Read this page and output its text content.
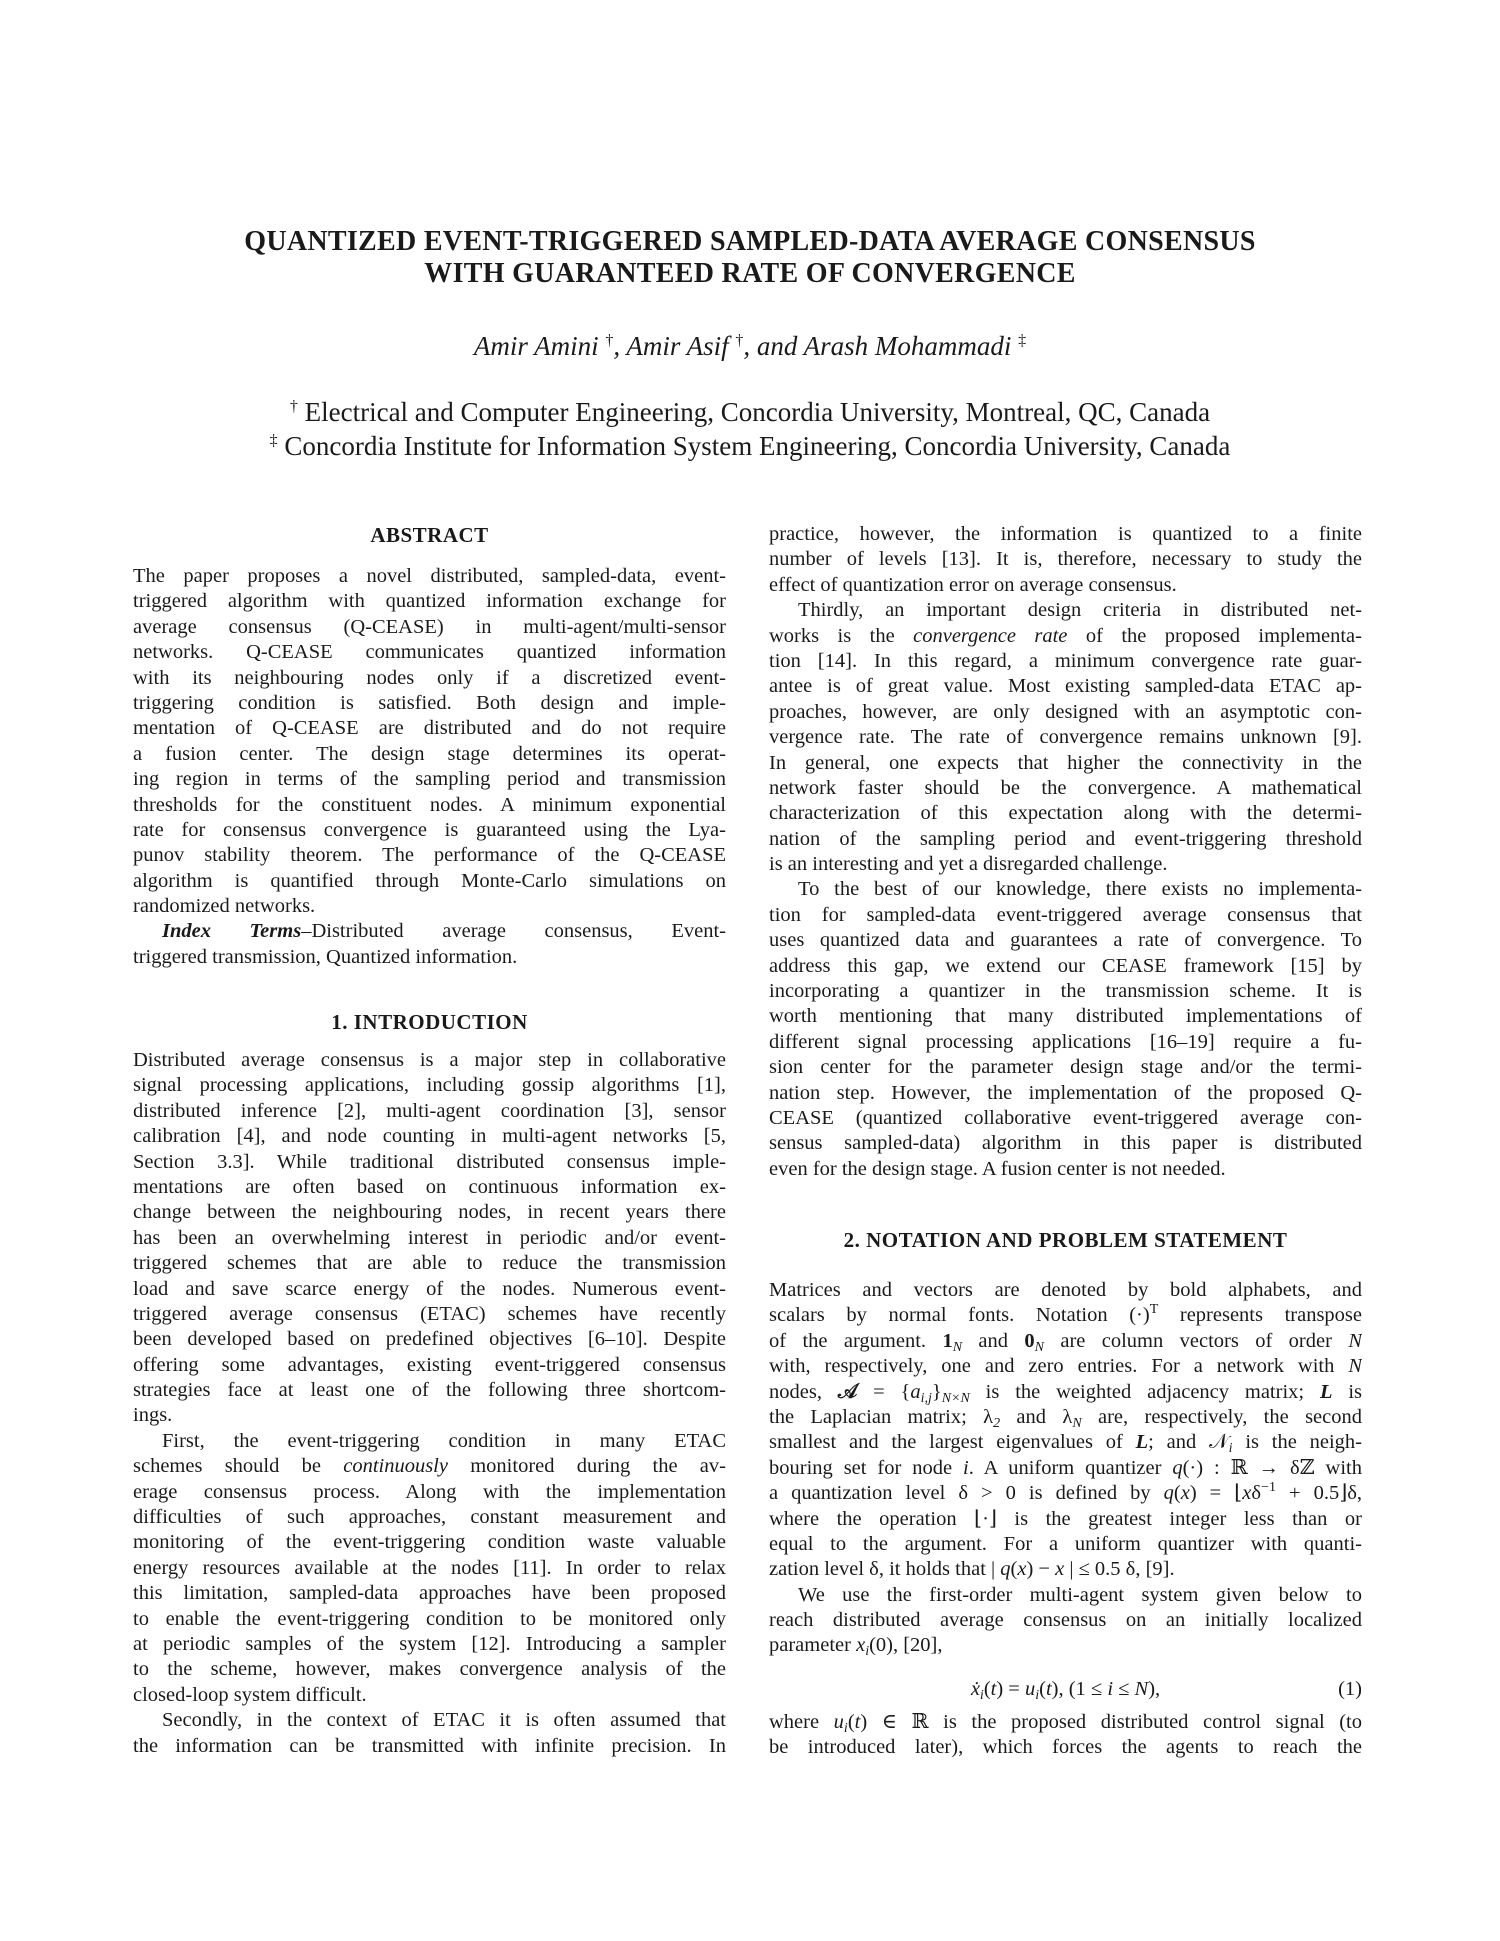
QUANTIZED EVENT-TRIGGERED SAMPLED-DATA AVERAGE CONSENSUS
WITH GUARANTEED RATE OF CONVERGENCE
Amir Amini †, Amir Asif †, and Arash Mohammadi ‡
† Electrical and Computer Engineering, Concordia University, Montreal, QC, Canada
‡ Concordia Institute for Information System Engineering, Concordia University, Canada
ABSTRACT
The paper proposes a novel distributed, sampled-data, event-
triggered algorithm with quantized information exchange for
average consensus (Q-CEASE) in multi-agent/multi-sensor
networks. Q-CEASE communicates quantized information
with its neighbouring nodes only if a discretized event-
triggering condition is satisfied. Both design and imple-
mentation of Q-CEASE are distributed and do not require
a fusion center. The design stage determines its operat-
ing region in terms of the sampling period and transmission
thresholds for the constituent nodes. A minimum exponential
rate for consensus convergence is guaranteed using the Lya-
punov stability theorem. The performance of the Q-CEASE
algorithm is quantified through Monte-Carlo simulations on
randomized networks.
Index Terms–Distributed average consensus, Event-
triggered transmission, Quantized information.
1. INTRODUCTION
Distributed average consensus is a major step in collaborative
signal processing applications, including gossip algorithms [1],
distributed inference [2], multi-agent coordination [3], sensor
calibration [4], and node counting in multi-agent networks [5,
Section 3.3]. While traditional distributed consensus imple-
mentations are often based on continuous information ex-
change between the neighbouring nodes, in recent years there
has been an overwhelming interest in periodic and/or event-
triggered schemes that are able to reduce the transmission
load and save scarce energy of the nodes. Numerous event-
triggered average consensus (ETAC) schemes have recently
been developed based on predefined objectives [6–10]. Despite
offering some advantages, existing event-triggered consensus
strategies face at least one of the following three shortcom-
ings.
First, the event-triggering condition in many ETAC
schemes should be continuously monitored during the av-
erage consensus process. Along with the implementation
difficulties of such approaches, constant measurement and
monitoring of the event-triggering condition waste valuable
energy resources available at the nodes [11]. In order to relax
this limitation, sampled-data approaches have been proposed
to enable the event-triggering condition to be monitored only
at periodic samples of the system [12]. Introducing a sampler
to the scheme, however, makes convergence analysis of the
closed-loop system difficult.
Secondly, in the context of ETAC it is often assumed that
the information can be transmitted with infinite precision. In
practice, however, the information is quantized to a finite
number of levels [13]. It is, therefore, necessary to study the
effect of quantization error on average consensus.
Thirdly, an important design criteria in distributed net-
works is the convergence rate of the proposed implementa-
tion [14]. In this regard, a minimum convergence rate guar-
antee is of great value. Most existing sampled-data ETAC ap-
proaches, however, are only designed with an asymptotic con-
vergence rate. The rate of convergence remains unknown [9].
In general, one expects that higher the connectivity in the
network faster should be the convergence. A mathematical
characterization of this expectation along with the determi-
nation of the sampling period and event-triggering threshold
is an interesting and yet a disregarded challenge.
To the best of our knowledge, there exists no implementa-
tion for sampled-data event-triggered average consensus that
uses quantized data and guarantees a rate of convergence. To
address this gap, we extend our CEASE framework [15] by
incorporating a quantizer in the transmission scheme. It is
worth mentioning that many distributed implementations of
different signal processing applications [16–19] require a fu-
sion center for the parameter design stage and/or the termi-
nation step. However, the implementation of the proposed Q-
CEASE (quantized collaborative event-triggered average con-
sensus sampled-data) algorithm in this paper is distributed
even for the design stage. A fusion center is not needed.
2. NOTATION AND PROBLEM STATEMENT
Matrices and vectors are denoted by bold alphabets, and
scalars by normal fonts. Notation $(\cdot)^T$ represents transpose
of the argument. 1N and 0N are column vectors of order N
with, respectively, one and zero entries. For a network with N
nodes, 𝒜 = {ai,j}N×N is the weighted adjacency matrix; L is
the Laplacian matrix; λ2 and λN are, respectively, the second
smallest and the largest eigenvalues of L; and 𝒩i is the neigh-
bouring set for node i. A uniform quantizer q(·) : ℝ → δℤ with
a quantization level δ > 0 is defined by $q(x) = ⌊x\delta^{-1}$ + 0.5⌋δ,
where the operation ⌊·⌋ is the greatest integer less than or
equal to the argument. For a uniform quantizer with quanti-
zation level δ, it holds that | q(x) − x | ≤ 0.5 δ, [9].
We use the first-order multi-agent system given below to
reach distributed average consensus on an initially localized
parameter xi(0), [20],
ẋi(t) = ui(t), (1 ≤ i ≤ N),	(1)
where ui(t) ∈ ℝ is the proposed distributed control signal (to
be introduced later), which forces the agents to reach the
